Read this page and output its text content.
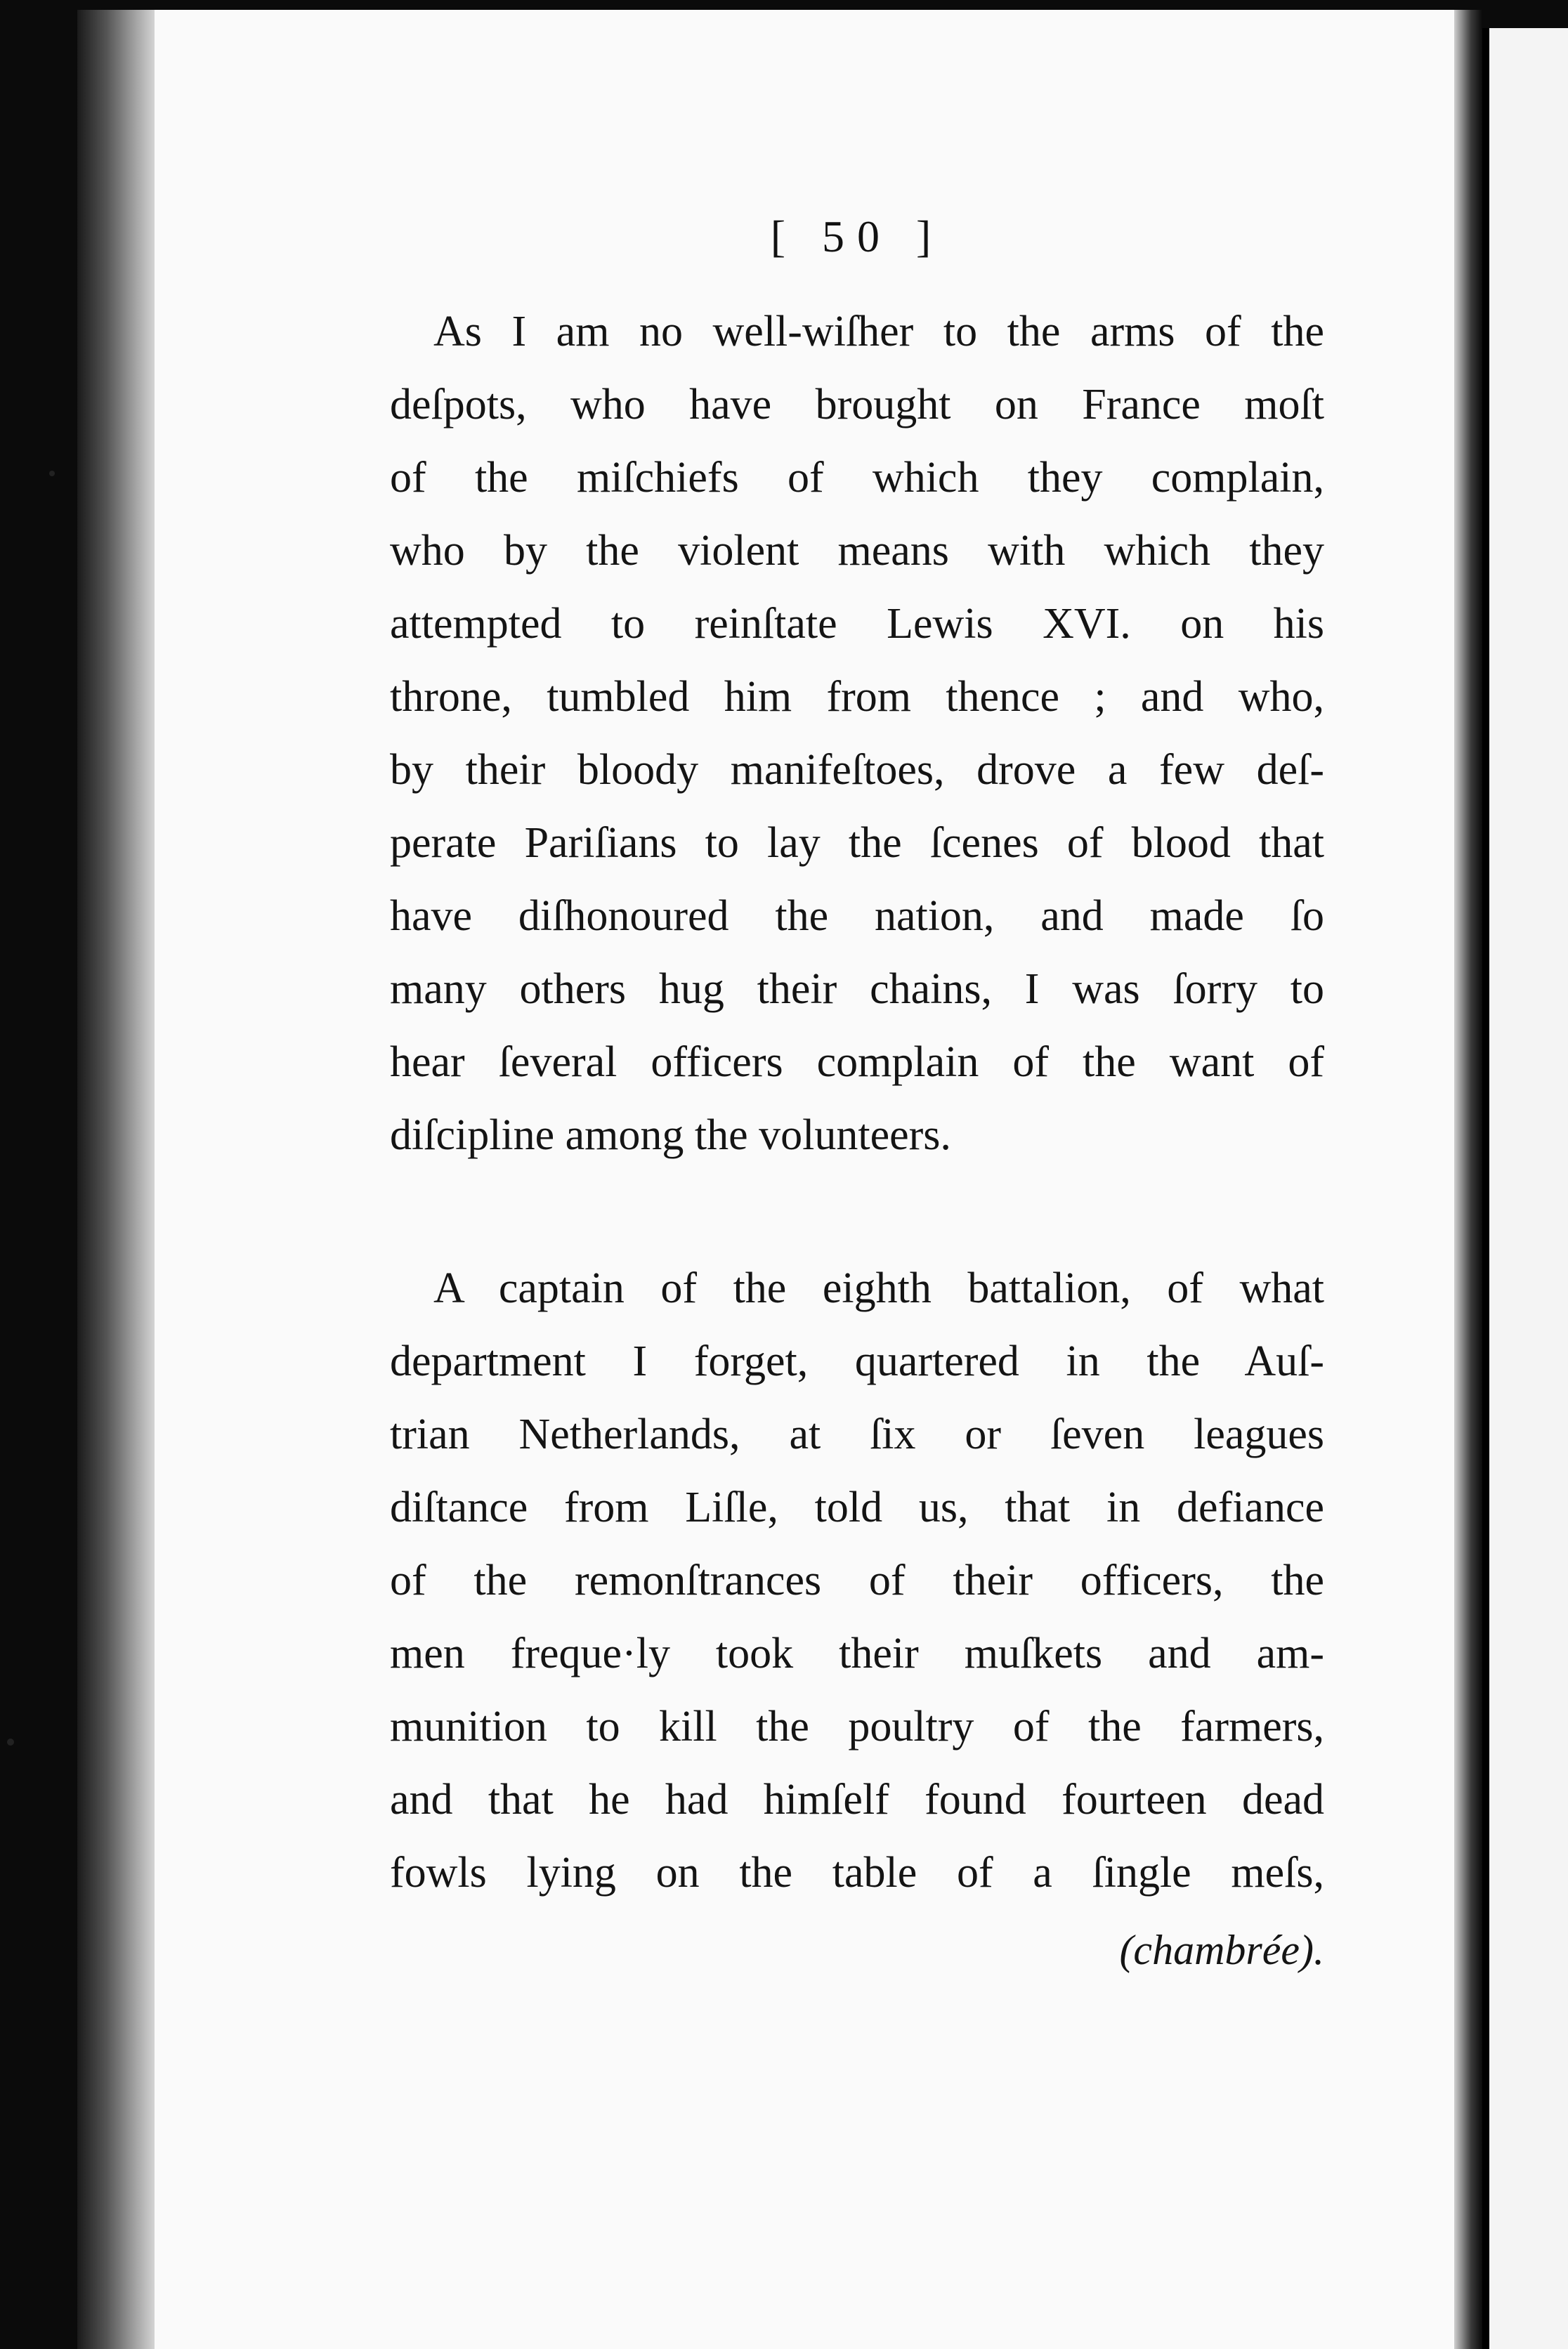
[ 50 ]

As I am no well-wiſher to the arms of the
deſpots, who have brought on France moſt
of the miſchiefs of which they complain,
who by the violent means with which they
attempted to reinſtate Lewis XVI. on his
throne, tumbled him from thence ; and who,
by their bloody manifeſtoes, drove a few deſ-
perate Pariſians to lay the ſcenes of blood that
have diſhonoured the nation, and made ſo
many others hug their chains, I was ſorry to
hear ſeveral officers complain of the want of
diſcipline among the volunteers.

A captain of the eighth battalion, of what
department I forget, quartered in the Auſ-
trian Netherlands, at ſix or ſeven leagues
diſtance from Liſle, told us, that in defiance
of the remonſtrances of their officers, the
men freque·ly took their muſkets and am-
munition to kill the poultry of the farmers,
and that he had himſelf found fourteen dead
fowls lying on the table of a ſingle meſs,

(chambrée).
